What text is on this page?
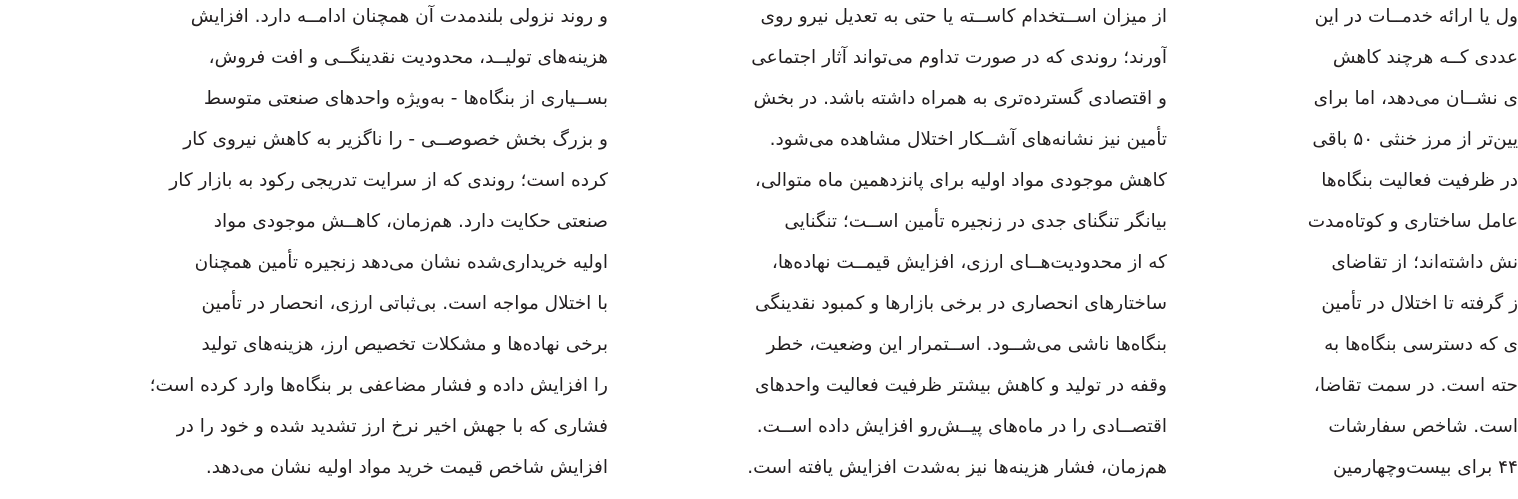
و روند نزولی بلندمدت آن همچنان ادامــه دارد. افزایش
هزینه‌های تولیــد، محدودیت نقدینگــی و افت فروش،
بســیاری از بنگاه‌ها - به‌ویژه واحدهای صنعتی متوسط
و بزرگ بخش خصوصــی - را ناگزیر به کاهش نیروی کار
کرده است؛ روندی که از سرایت تدریجی رکود به بازار کار
صنعتی حکایت دارد. هم‌زمان، کاهــش موجودی مواد
اولیه خریداری‌شده نشان می‌دهد زنجیره تأمین همچنان
با اختلال مواجه است. بی‌ثباتی ارزی، انحصار در تأمین
برخی نهاده‌ها و مشکلات تخصیص ارز، هزینه‌های تولید
را افزایش داده و فشار مضاعفی بر بنگاه‌ها وارد کرده است؛
فشاری که با جهش اخیر نرخ ارز تشدید شده و خود را در
افزایش شاخص قیمت خرید مواد اولیه نشان می‌دهد.
از میزان اســتخدام کاســته یا حتی به تعدیل نیرو روی
آورند؛ روندی که در صورت تداوم می‌تواند آثار اجتماعی
و اقتصادی گسترده‌تری به همراه داشته باشد. در بخش
تأمین نیز نشانه‌های آشــکار اختلال مشاهده می‌شود.
کاهش موجودی مواد اولیه برای پانزدهمین ماه متوالی،
بیانگر تنگنای جدی در زنجیره تأمین اســت؛ تنگنایی
که از محدودیت‌هــای ارزی، افزایش قیمــت نهاده‌ها،
ساختارهای انحصاری در برخی بازارها و کمبود نقدینگی
بنگاه‌ها ناشی می‌شــود. اســتمرار این وضعیت، خطر
وقفه در تولید و کاهش بیشتر ظرفیت فعالیت واحدهای
اقتصــادی را در ماه‌های پیــش‌رو افزایش داده اســت.
هم‌زمان، فشار هزینه‌ها نیز به‌شدت افزایش یافته است.
ول یا ارائه خدمــات در این
عددی کــه هرچند کاهش
ی نشــان می‌دهد، اما برای
یین‌تر از مرز خنثی ۵۰ باقی
در ظرفیت فعالیت بنگاه‌ها
عامل ساختاری و کوتاه‌مدت
نش داشته‌اند؛ از تقاضای
ز گرفته تا اختلال در تأمین
ی که دسترسی بنگاه‌ها به
حته است. در سمت تقاضا،
است. شاخص سفارشات
۴۴ برای بیست‌وچهارمین
